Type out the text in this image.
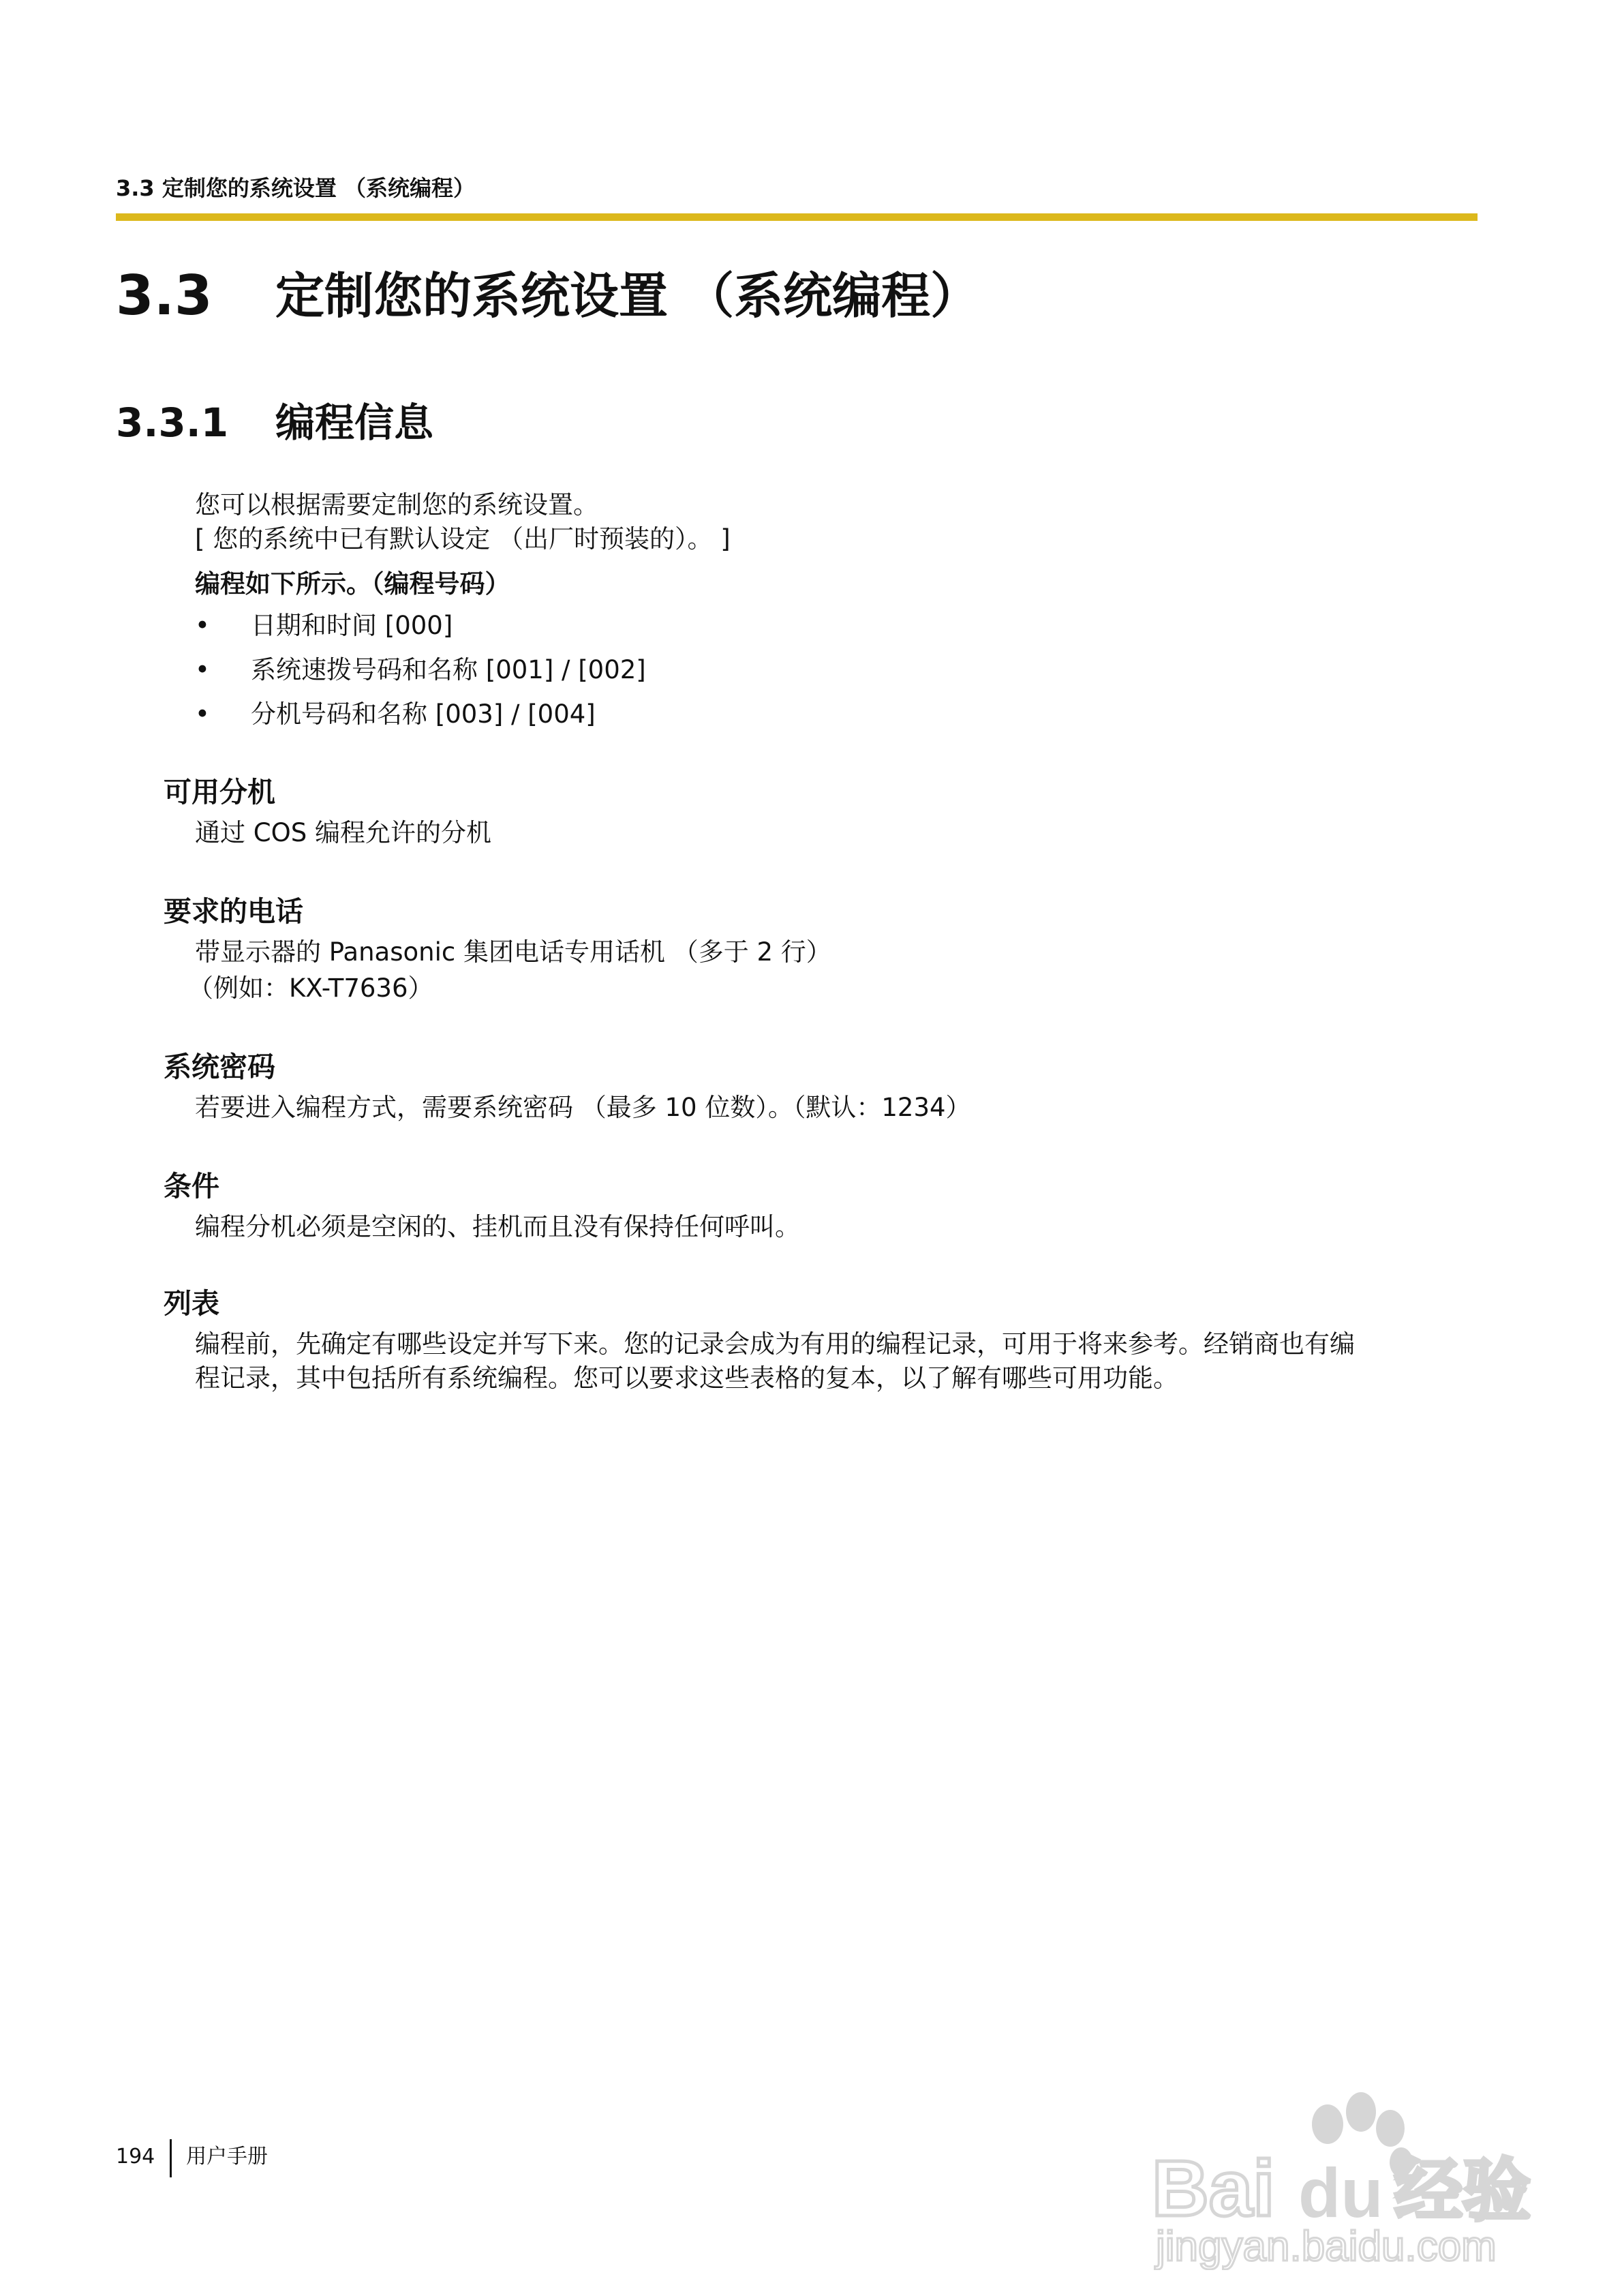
3.3 定制您的系统设置 （系统编程）
3.3 定制您的系统设置 （系统编程）
3.3.1 编程信息
您可以根据需要定制您的系统设置。
[ 您的系统中已有默认设定 （出厂时预装的）。 ]
编程如下所示。（编程号码）
• 日期和时间 [000]
• 系统速拨号码和名称 [001] / [002]
• 分机号码和名称 [003] / [004]
可用分机
通过 COS 编程允许的分机
要求的电话
带显示器的 Panasonic 集团电话专用话机 （多于 2 行）
（例如：KX-T7636）
系统密码
若要进入编程方式，需要系统密码 （最多 10 位数）。（默认：1234）
条件
编程分机必须是空闲的、挂机而且没有保持任何呼叫。
列表
编程前，先确定有哪些设定并写下来。您的记录会成为有用的编程记录，可用于将来参考。经销商也有编
程记录，其中包括所有系统编程。您可以要求这些表格的复本，以了解有哪些可用功能。
194 用户手册	Bai du 经验
jingyan.baidu.com
